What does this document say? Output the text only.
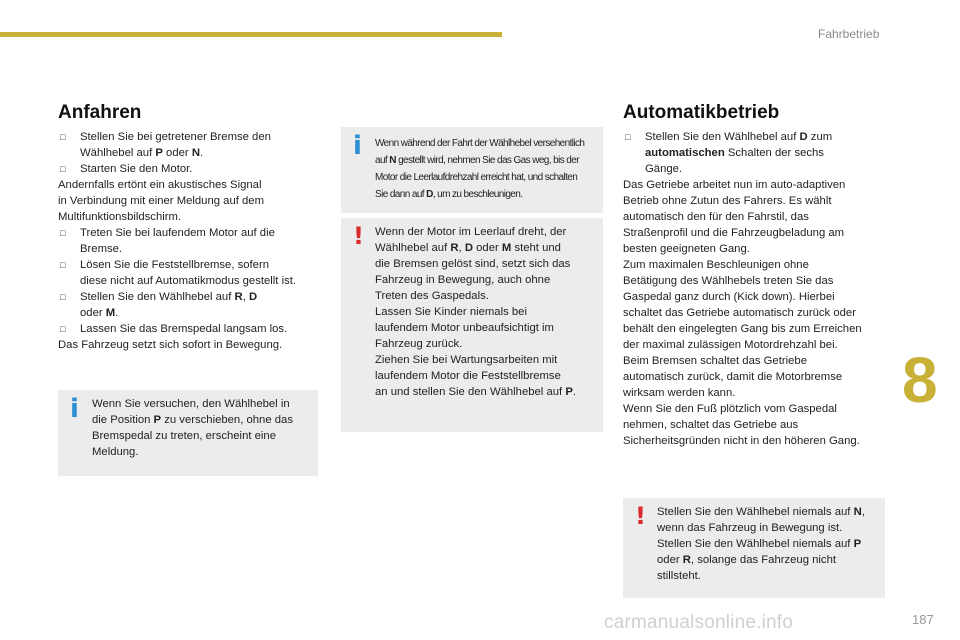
Fahrbetrieb
8
carmanualsonline.info	187
Anfahren
□ Stellen Sie bei getretener Bremse den
Wählhebel auf P oder N.
□ Starten Sie den Motor.
Andernfalls ertönt ein akustisches Signal
in Verbindung mit einer Meldung auf dem
Multifunktionsbildschirm.
□ Treten Sie bei laufendem Motor auf die
Bremse.
□ Lösen Sie die Feststellbremse, sofern
diese nicht auf Automatikmodus gestellt ist.
□ Stellen Sie den Wählhebel auf R, D
oder M.
□ Lassen Sie das Bremspedal langsam los.
Das Fahrzeug setzt sich sofort in Bewegung.
i Wenn Sie versuchen, den Wählhebel in
die Position P zu verschieben, ohne das
Bremspedal zu treten, erscheint eine
Meldung.
i Wenn während der Fahrt der Wählhebel versehentlich
auf N gestellt wird, nehmen Sie das Gas weg, bis der
Motor die Leerlaufdrehzahl erreicht hat, und schalten
Sie dann auf D, um zu beschleunigen.
! Wenn der Motor im Leerlauf dreht, der
Wählhebel auf R, D oder M steht und
die Bremsen gelöst sind, setzt sich das
Fahrzeug in Bewegung, auch ohne
Treten des Gaspedals.
Lassen Sie Kinder niemals bei
laufendem Motor unbeaufsichtigt im
Fahrzeug zurück.
Ziehen Sie bei Wartungsarbeiten mit
laufendem Motor die Feststellbremse
an und stellen Sie den Wählhebel auf P.
Automatikbetrieb
□ Stellen Sie den Wählhebel auf D zum
automatischen Schalten der sechs
Gänge.
Das Getriebe arbeitet nun im auto-adaptiven
Betrieb ohne Zutun des Fahrers. Es wählt
automatisch den für den Fahrstil, das
Straßenprofil und die Fahrzeugbeladung am
besten geeigneten Gang.
Zum maximalen Beschleunigen ohne
Betätigung des Wählhebels treten Sie das
Gaspedal ganz durch (Kick down). Hierbei
schaltet das Getriebe automatisch zurück oder
behält den eingelegten Gang bis zum Erreichen
der maximal zulässigen Motordrehzahl bei.
Beim Bremsen schaltet das Getriebe
automatisch zurück, damit die Motorbremse
wirksam werden kann.
Wenn Sie den Fuß plötzlich vom Gaspedal
nehmen, schaltet das Getriebe aus
Sicherheitsgründen nicht in den höheren Gang.
! Stellen Sie den Wählhebel niemals auf N,
wenn das Fahrzeug in Bewegung ist.
Stellen Sie den Wählhebel niemals auf P
oder R, solange das Fahrzeug nicht
stillsteht.
